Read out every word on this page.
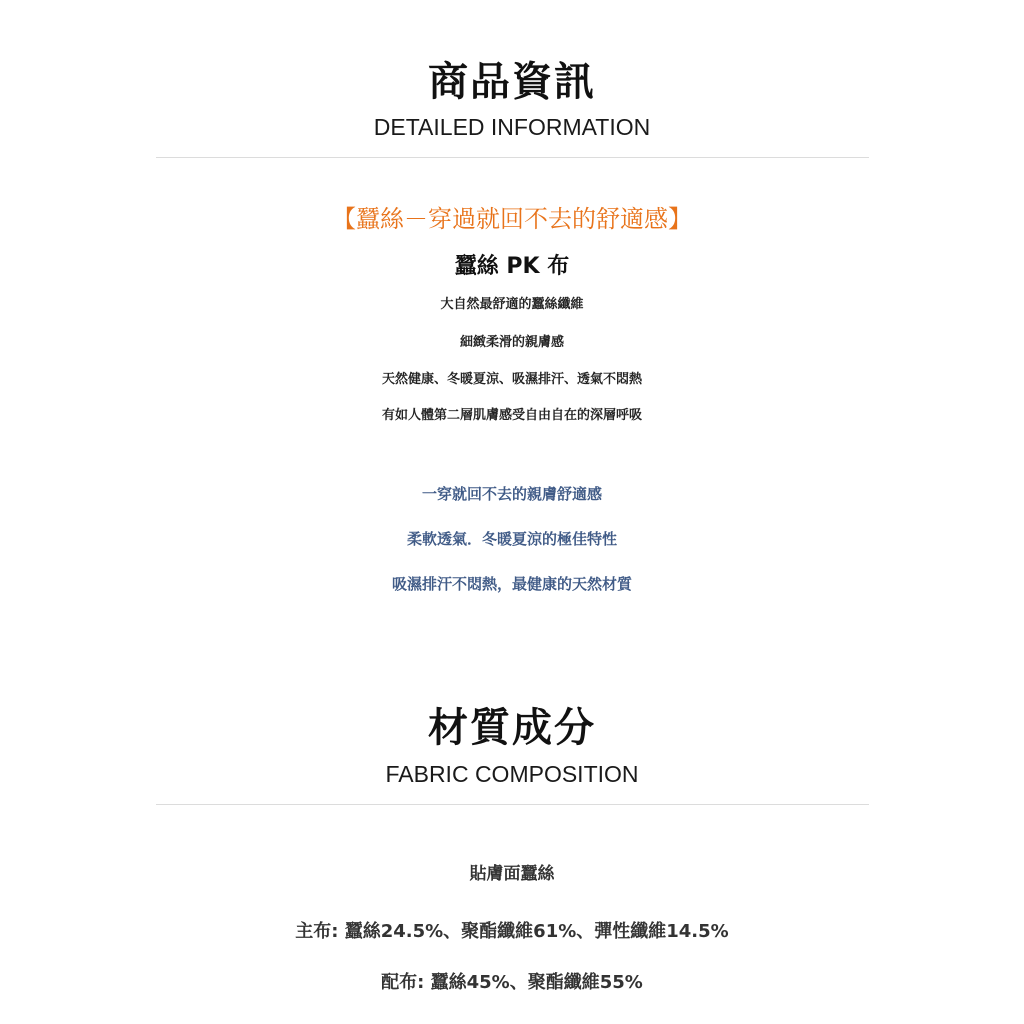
商品資訊
DETAILED INFORMATION
【蠶絲－穿過就回不去的舒適感】
蠶絲 PK 布
大自然最舒適的蠶絲纖維
細緻柔滑的親膚感
天然健康、冬暖夏涼、吸濕排汗、透氣不悶熱
有如人體第二層肌膚感受自由自在的深層呼吸
一穿就回不去的親膚舒適感
柔軟透氣．冬暖夏涼的極佳特性
吸濕排汗不悶熱，最健康的天然材質
材質成分
FABRIC COMPOSITION
貼膚面蠶絲
主布: 蠶絲24.5%、聚酯纖維61%、彈性纖維14.5%
配布: 蠶絲45%、聚酯纖維55%
